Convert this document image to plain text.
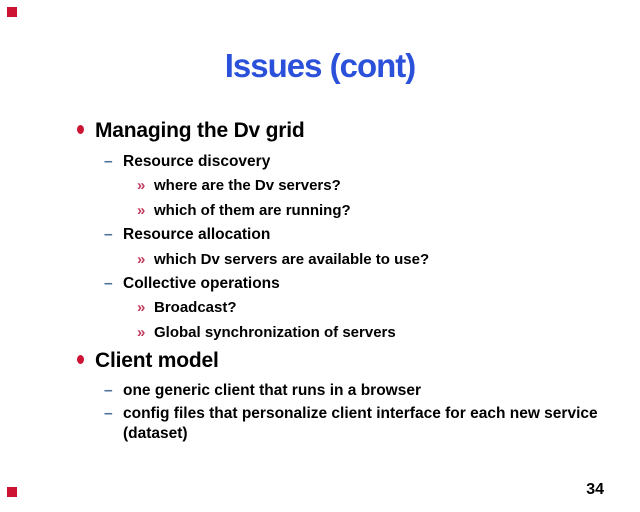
Issues (cont)
Managing the Dv grid
– Resource discovery
» where are the Dv servers?
» which of them are running?
– Resource allocation
» which Dv servers are available to use?
– Collective operations
» Broadcast?
» Global synchronization of servers
Client model
– one generic client that runs in a browser
– config files that personalize client interface for each new service (dataset)
34
